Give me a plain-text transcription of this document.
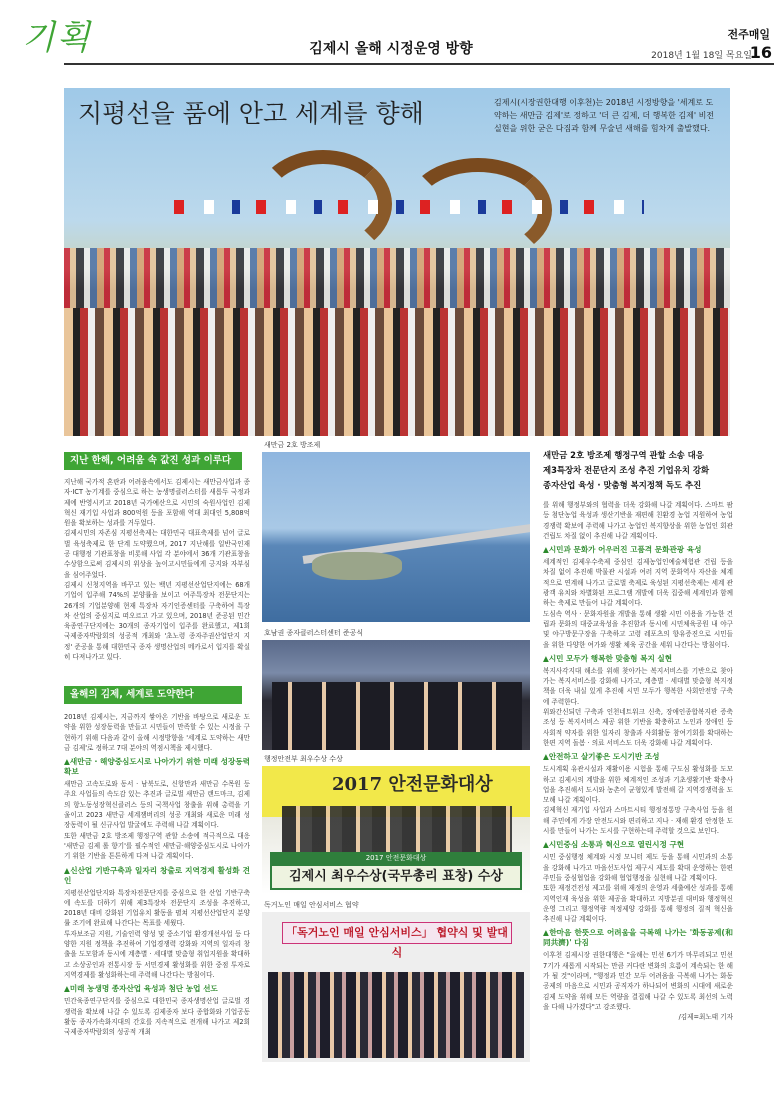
기획	김제시 올해 시정운영 방향
전주매일
2018년 1월 18일 목요일
16
지평선을 품에 안고 세계를 향해	김제시(시장권한대행 이후천)는 2018년 시정방향을 '세계로 도약하는 새만금 김제'로 정하고 '더 큰 김제, 더 행복한 김제' 비전 실현을 위한 굳은 다짐과 함께 무술년 새해를 힘차게 출발했다.
지난 한해, 어려움 속 값진 성과 이루다

지난해 국가적 혼란과 어려움속에서도 김제시는 새만금사업과 종자·ICT 농기계를 중심으로 하는 농생명클러스터를 새롭두 국정과제에 반영시키고 2018년 국가예산으로 시민의 숙원사업인 김제혁신 재기입 사업과 800억원 등을 포함해 역대 최대인 5,808억원을 확보하는 성과를 거두었다.

김제시민의 자존심 지평선축제는 대한민국 대표축제를 넘어 글로벌 육성축제로 한 단계 도약했으며, 2017 지난해를 일반국인재공 대행정 기관표창을 비롯해 사업 각 분야에서 36개 기관표창을 수상함으로써 김제시의 위상을 높이고시민들에게 긍지와 자부심을 심어주었다.

김제시 신청지역을 바꾸고 있는 백년 지평선산업단지에는 68개 기업이 입주해 74%의 분양률을 보이고 여주특장차 전문단지는 26개의 기업분양해 현재 특장차 자기인증센터를 구축하여 특장차 산업의 중심지로 떠오르고 가고 있으며, 2018년 준공된 민간육종연구단지에는 30개의 종자기업이 입주를 완료했고, 제1회 국제종자박람회의 성공적 개최와 '초노령 종자주권산업단지 지정' 준공을 통해 대한민국 종자 생명산업의 메카로서 입지를 확실히 다져나가고 있다.

올해의 김제, 세계로 도약한다

2018년 김제시는, 지금까지 쌓아온 기반을 바탕으로 새로운 도약을 위한 성장동력을 만들고 시민들이 만족할 수 있는 시정을 구현하기 위해 다음과 같이 올해 시정방향을 '세계로 도약하는 새만금 김제'로 정하고 7대 분야의 역점시책을 제시했다.

▲새만금 · 해양중심도시로 나아가기 위한 미래 성장동력 확보

새만금 고속도로와 동서 · 남북도로, 신항만과 새만금 수목원 등 주요 사업들의 속도감 있는 추진과 글로벌 새만금 랜드마크, 김제의 항노동성장혁신클러스 등의 국책사업 창출을 위해 총력을 기울이고 2023 새만금 세계잼버리의 성공 개최와 새로운 미래 성장동력이 될 신규사업 발굴에도 주력해 나갈 계획이다.

또한 새만금 2호 방조제 행정구역 관할 소송에 적극적으로 대응 '새만금 김제 롤 향기'를 필수적인 새만금·해양중심도시로 나아가기 위한 기반을 튼튼하게 다져 나갈 계획이다.

▲신산업 기반구축과 일자리 창출로 지역경제 활성화 견인

지평선산업단지와 특장차전문단지를 중심으로 한 산업 기반구축에 속도를 더하기 위해 제3특장차 전문단지 조성을 추진하고, 2018년 대비 강화된 기업유치 활동을 펼쳐 지평선산업단지 분양률 조기에 완료해 나간다는 목표를 세웠다.

투자보조금 지원, 기술인력 양성 및 중소기업 환경개선사업 등 다양한 지원 정책을 추진하여 기업경쟁력 강화와 지역의 일자리 창출을 도모함과 동시에 계층별 · 세대별 맞춤형 취업지원을 확대하고 소상공인과 전통시장 등 서민경제 활성화를 위한 중점 투자로 지역경제를 활성화하는데 주력해 나간다는 방침이다.

▲미래 농생명 종자산업 육성과 첨단 농업 선도

민간육종연구단지를 중심으로 대한민국 종자생명산업 글로벌 경쟁력을 확보해 나갈 수 있도록 김제종자 보다 종합화와 기업공동활동 종자가속화지대의 간호를 지속적으로 전개해 나가고 제2회 국제종자박람회의 성공적 개최

새만금 2호 방조제
호남권 종자클러스터센터 준공식
행정안전부 최우수상 수상
2017 안전문화대상
2017 안전문화대상
김제시 최우수상(국무총리 표창) 수상
독거노인 매일 안심서비스 협약
「독거노인 매일 안심서비스」 협약식 및 발대식
새만금 2호 방조제 행정구역 관할 소송 대응
제3특장차 전문단지 조성 추진 기업유치 강화
종자산업 육성 · 맞춤형 복지정책 독도 추진

를 위해 행정부와의 협력을 더욱 강화해 나갈 계획이다. 스마트 팜 등 첨단농업 육성과 생산기반을 재편해 친환경 농업 지원하여 농업경쟁력 확보에 주력해 나가고 농업인 복지향상을 위한 농업인 회관 건립도 차질 없이 추진해 나갈 계획이다.

▲시민과 문화가 어우러진 고품격 문화관광 육성

세계적인 김제우수축제 중심인 김제농업인예술체험관 건립 등을 차질 없이 추진해 박물관 시설과 여러 지역 문화역사 자산을 체계적으로 연계해 나가고 글로벌 축제로 육성된 지평선축제는 세계 관광객 유치와 차별화된 프로그램 개발에 더욱 집중해 세계인과 함께하는 축제로 만들어 나갈 계획이다.

도심속 역사 · 문화자원을 개발을 통해 생활 시민 이용을 가능한 건립과 문화의 대중교육성을 추진함과 동시에 시민체육공원 내 야구 및 야구방문구장을 구축하고 고령 레포츠의 향유증진으로 시민들을 위한 다양한 여가와 생활 체육 공간을 세워 나간다는 방침이다.

▲시민 모두가 행복한 맞춤형 복지 실현

복지사각지대 해소를 위해 찾아가는 복지서비스를 기반으로 찾아가는 복지서비스를 강화해 나가고, 계층별 · 세대별 맞춤형 복지정책을 더욱 내실 있게 추진해 시민 모두가 행복한 사회안전망 구축에 주력한다.

위와간신되던 구축과 인천네트워크 신축, 장애인종합복지관 증축 조성 등 복지서비스 제공 위한 기반을 확충하고 노인과 장애인 등 사회적 약자를 위한 일자리 창출과 사회활동 참여기회를 확대하는 한편 지역 돌봄 · 의료 서비스도 더욱 강화해 나갈 계획이다.

▲안전하고 살기좋은 도시기반 조성

도시계획 유관시설과 재활이용 시험을 통해 구도심 활성화를 도모하고 김제시의 계발을 위한 체계적인 조성과 기초생활기반 확충사업을 추진해서 도시와 농촌이 균형있게 발전해 갈 지역경쟁력을 도모해 나갈 계획이다.

김제혁신 재기입 사업과 스마트시티 행정정통망 구축사업 등을 원해 주민에게 가장 안전도시와 편리하고 지나 · 재해 환경 안정한 도시를 만들어 나가는 도시를 구현하는데 주력할 것으로 보인다.

▲시민중심 소통과 혁신으로 열린시정 구현

시민 중심행정 체계와 시정 모니터 제도 등을 통해 시민과의 소통을 강화해 나가고 마을선도사업 제구시 제도를 확대 운영하는 한편 주민들 중심협업을 강화해 협업행정을 실현해 나갈 계획이다.

또한 재정건전성 제고를 위해 재정의 운영과 세출예산 성과를 통해 지역인재 육성을 위한 제공을 확대하고 지방분권 대비와 행정혁신 운영 그리고 행정역량 적정제양 강화를 통해 행정의 질적 혁신을 추진해 나갈 계획이다.

▲한마음 한뜻으로 어려움을 극복해 나가는 '화동공제(和同共濟)' 다짐

이후천 김제시장 권한대행은 "올해는 민선 6기가 마무리되고 민선 7기가 새롭게 시작되는 만큼 커다란 변화의 흐름이 계속되는 한 해가 될 것"이라며, "행정과 민간 모두 어려움을 극복해 나가는 화동공제의 마음으로 시민과 공직자가 하나되어 변화의 시대에 새로운 김제 도약을 위해 모든 역량을 결집해 나갈 수 있도록 최선의 노력을 다해 나가겠다"고 강조했다.

/김제=최노태 기자
